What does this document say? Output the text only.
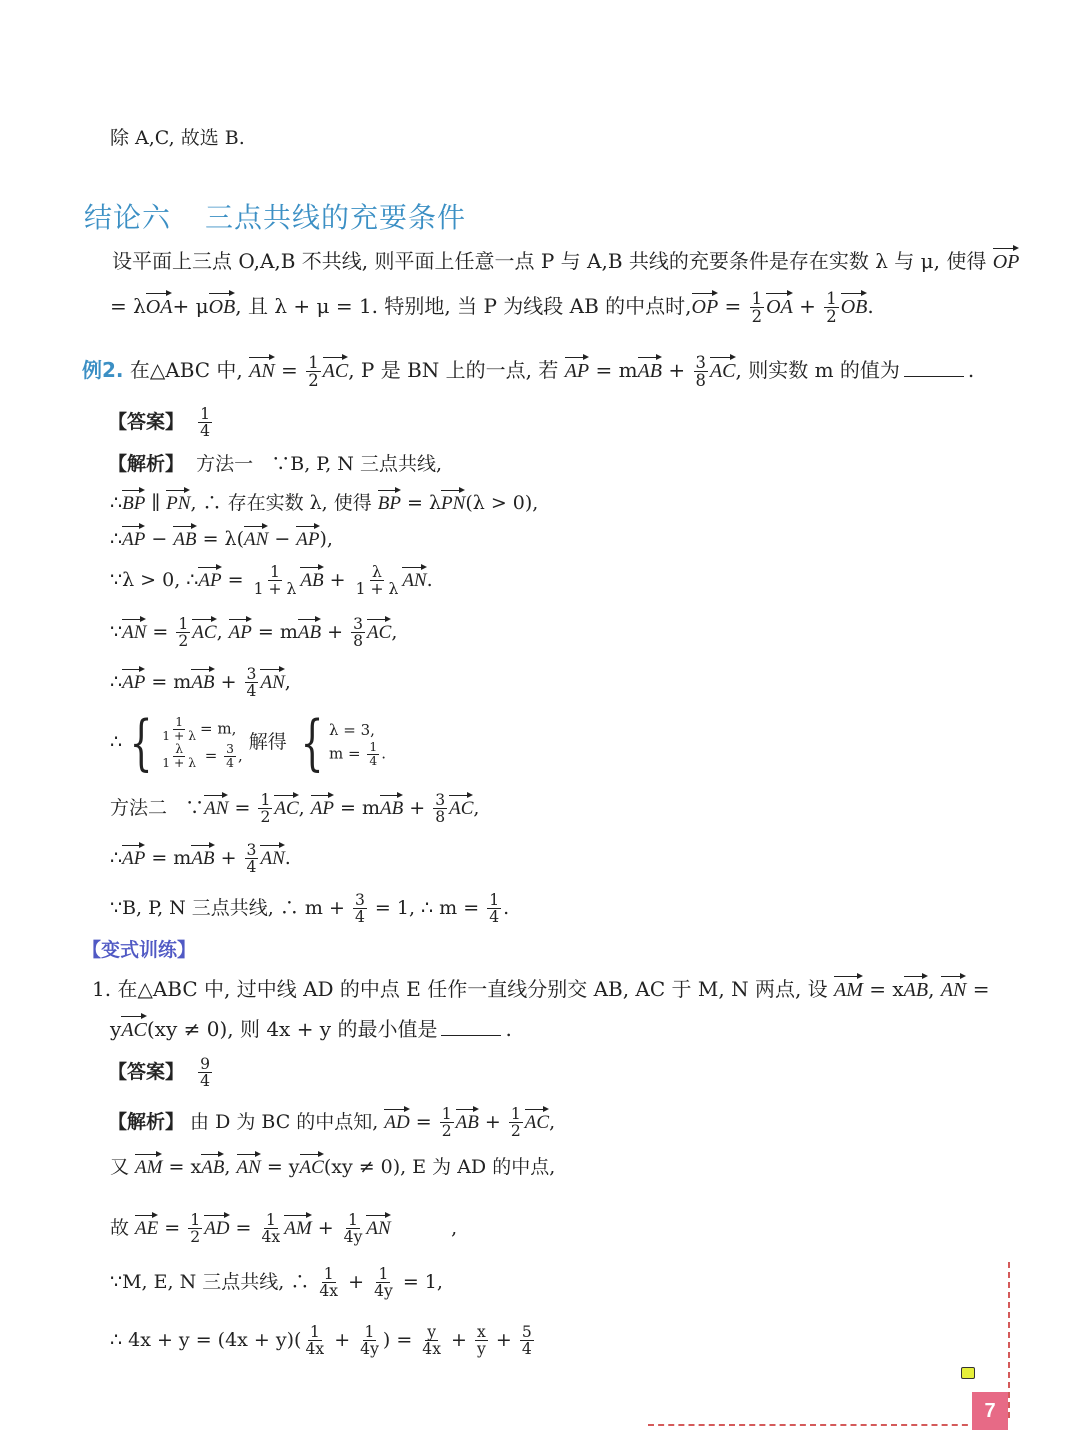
除 A,C, 故选 B.
结论六 三点共线的充要条件
设平面上三点 O,A,B 不共线, 则平面上任意一点 P 与 A,B 共线的充要条件是存在实数 λ 与 μ, 使得 OP
= λOA+ μOB, 且 λ + μ = 1. 特别地, 当 P 为线段 AB 的中点时$,OP = \frac{1}{2}$ OA + $\frac{1}{2}$ OB.
例2. 在△ABC 中, AN = $\frac{1}{2}$ AC, P 是 BN 上的一点, 若 AP = mAB + $\frac{3}{8}$ AC, 则实数 m 的值为	.
【答案】 $\frac{1}{4}$
【解析】 方法一 ∵B, P, N 三点共线,
∴BP ∥ PN, ∴ 存在实数 λ, 使得 BP = λPN(λ > 0),
∴AP − AB = λ(AN − AP),
∵λ > 0, ∴AP = $\frac{1}{1 + \lambda}$ AB + $\frac{\lambda}{1 + \lambda}$ AN.
∵AN = $\frac{1}{2}$ AC, AP = mAB + $\frac{3}{8}$ AC,
∴AP = mAB + $\frac{3}{4}$ AN,
∴ { $\frac{1}{1 + \lambda} = m$,
$\frac{\lambda}{1 + \lambda} = \frac{3}{4}$ ,
解得 { λ = 3,
$m = \frac{1}{4}$ .
方法二   ∵AN = $\frac{1}{2}$ AC, AP = mAB + $\frac{3}{8}$ AC,
∴AP = mAB + $\frac{3}{4}$ AN.
∵B, P, N 三点共线, ∴ $m + \frac{3}{4} = 1$, ∴ $m = \frac{1}{4}$ .
【变式训练】
1. 在△ABC 中, 过中线 AD 的中点 E 任作一直线分别交 AB, AC 于 M, N 两点, 设 AM = xAB, AN =
yAC(xy ≠ 0), 则 4x + y 的最小值是	.
【答案】 $\frac{9}{4}$
【解析】 由 D 为 BC 的中点知, AD = $\frac{1}{2}$ AB + $\frac{1}{2}$ AC,
又 AM = xAB, AN = yAC(xy ≠ 0), E 为 AD 的中点,
故 AE = $\frac{1}{2}$ AD = $\frac{1}{4x}$ AM + $\frac{1}{4y}$ AN	,
∵M, E, N 三点共线, ∴ $\frac{1}{4x} + \frac{1}{4y} = 1$,
∴ $4x + y = (4x + y)( \frac{1}{4x} + \frac{1}{4y}$ ) = $\frac{y}{4x} + \frac{x}{y} + \frac{5}{4}$
7
